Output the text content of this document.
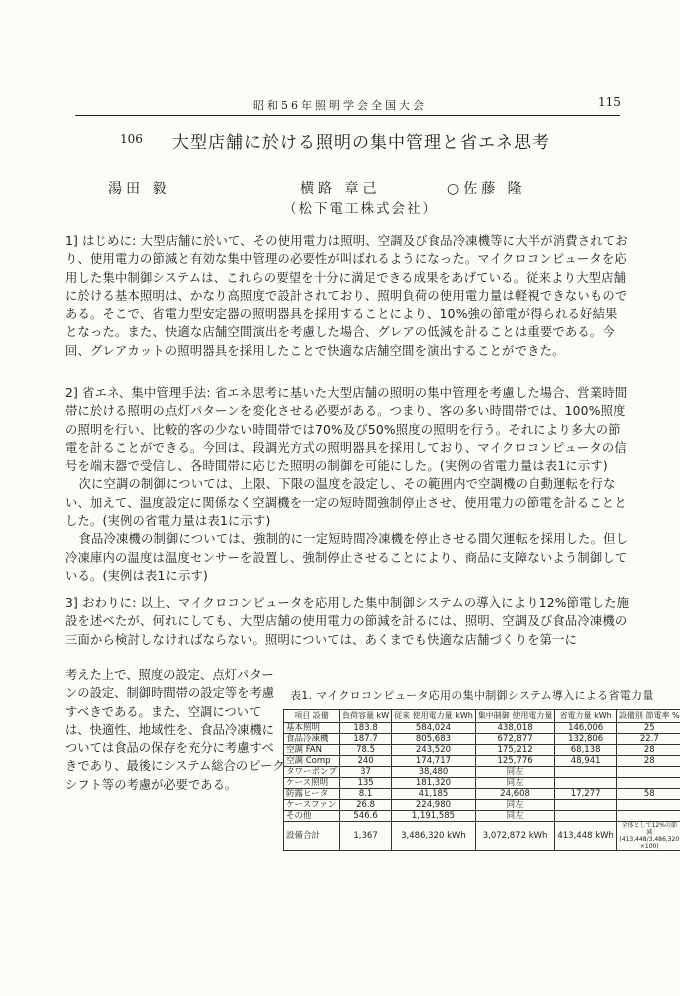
昭和56年照明学会全国大会	115
106 大型店舗に於ける照明の集中管理と省エネ思考
湯田 毅	横路 章己	○佐藤 隆
（松下電工株式会社）

1] はじめに: 大型店舗に於いて、その使用電力は照明、空調及び食品冷凍機等に大半が消費されており、使用電力の節減と有効な集中管理の必要性が叫ばれるようになった。マイクロコンピュータを応用した集中制御システムは、これらの要望を十分に満足できる成果をあげている。従来より大型店舗に於ける基本照明は、かなり高照度で設計されており、照明負荷の使用電力量は軽視できないものである。そこで、省電力型安定器の照明器具を採用することにより、10%強の節電が得られる好結果となった。また、快適な店舗空間演出を考慮した場合、グレアの低減を計ることは重要である。今回、グレアカットの照明器具を採用したことで快適な店舗空間を演出することができた。

2] 省エネ、集中管理手法: 省エネ思考に基いた大型店舗の照明の集中管理を考慮した場合、営業時間帯に於ける照明の点灯パターンを変化させる必要がある。つまり、客の多い時間帯では、100%照度の照明を行い、比較的客の少ない時間帯では70%及び50%照度の照明を行う。それにより多大の節電を計ることができる。今回は、段調光方式の照明器具を採用しており、マイクロコンピュータの信号を端末器で受信し、各時間帯に応じた照明の制御を可能にした。(実例の省電力量は表1に示す)

次に空調の制御については、上限、下限の温度を設定し、その範囲内で空調機の自動運転を行ない、加えて、温度設定に関係なく空調機を一定の短時間強制停止させ、使用電力の節電を計ることとした。(実例の省電力量は表1に示す)

食品冷凍機の制御については、強制的に一定短時間冷凍機を停止させる間欠運転を採用した。但し冷凍庫内の温度は温度センサーを設置し、強制停止させることにより、商品に支障ないよう制御している。(実例は表1に示す)

3] おわりに: 以上、マイクロコンピュータを応用した集中制御システムの導入により12%節電した施設を述べたが、何れにしても、大型店舗の使用電力の節減を計るには、照明、空調及び食品冷凍機の三面から検討しなければならない。照明については、あくまでも快適な店舗づくりを第一に

考えた上で、照度の設定、点灯パターンの設定、制御時間帯の設定等を考慮すべきである。また、空調については、快適性、地域性を、食品冷凍機については食品の保存を充分に考慮すべきであり、最後にシステム総合のピークシフト等の考慮が必要である。

表1. マイクロコンピュータ応用の集中制御システム導入による省電力量
項目 設備	負荷容量 kW	従来 使用電力量 kWh	集中制御 使用電力量	省電力量 kWh	設備別 節電率 %
基本照明	183.8	584,024	438,018	146,006	25
食品冷凍機	187.7	805,683	672,877	132,806	22.7
空調 FAN	78.5	243,520	175,212	68,138	28
空調 Comp	240	174,717	125,776	48,941	28
タワーポンプ	37	38,480	同左		
ケース照明	135	181,320	同左		
防露ヒータ	8.1	41,185	24,608	17,277	58
ケースファン	26.8	224,980	同左		
その他	546.6	1,191,585	同左		
設備合計	1,367	3,486,320 kWh	3,072,872 kWh	413,448 kWh	全体として12%の節減 (413,448/3,486,320 ×100)
